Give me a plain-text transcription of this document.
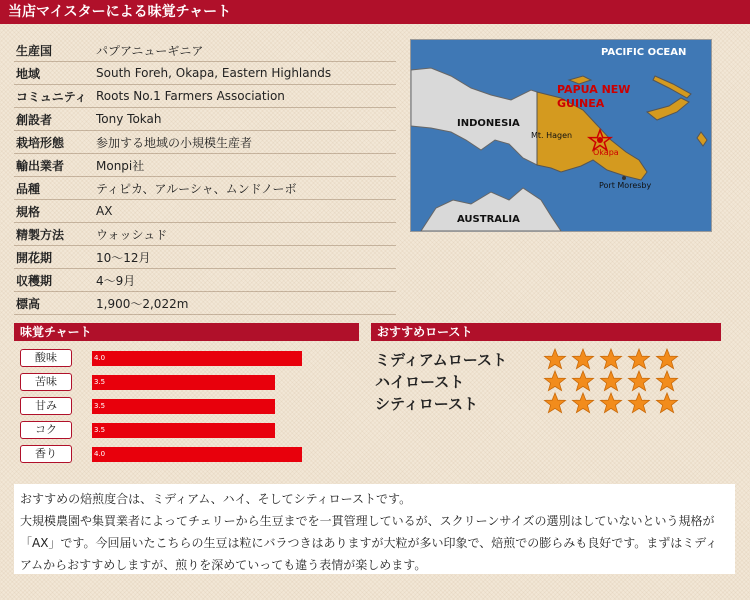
当店マイスターによる味覚チャート
生産国	パプアニューギニア
地域	South Foreh, Okapa, Eastern Highlands
コミュニティ Roots No.1 Farmers Association
創設者	Tony Tokah
栽培形態	参加する地域の小規模生産者
輸出業者	Monpi社
品種	ティピカ、アルーシャ、ムンドノーボ
規格	AX
精製方法	ウォッシュド
開花期	10〜12月
収穫期	4〜9月
標高	1,900〜2,022m
PACIFIC OCEAN
PAPUA NEW
GUINEA
INDONESIA
AUSTRALIA
Mt. Hagen
Okapa
Port Moresby
味覚チャート
酸味	4.0
苦味	3.5
甘み	3.5
コク	3.5
香り	4.0
おすすめロースト
ミディアムロースト
ハイロースト
シティロースト

おすすめの焙煎度合は、ミディアム、ハイ、そしてシティローストです。

大規模農園や集買業者によってチェリーから生豆までを一貫管理しているが、スクリーンサイズの選別はしていないという規格が「AX」です。今回届いたこちらの生豆は粒にバラつきはありますが大粒が多い印象で、焙煎での膨らみも良好です。まずはミディアムからおすすめしますが、煎りを深めていっても違う表情が楽しめます。
